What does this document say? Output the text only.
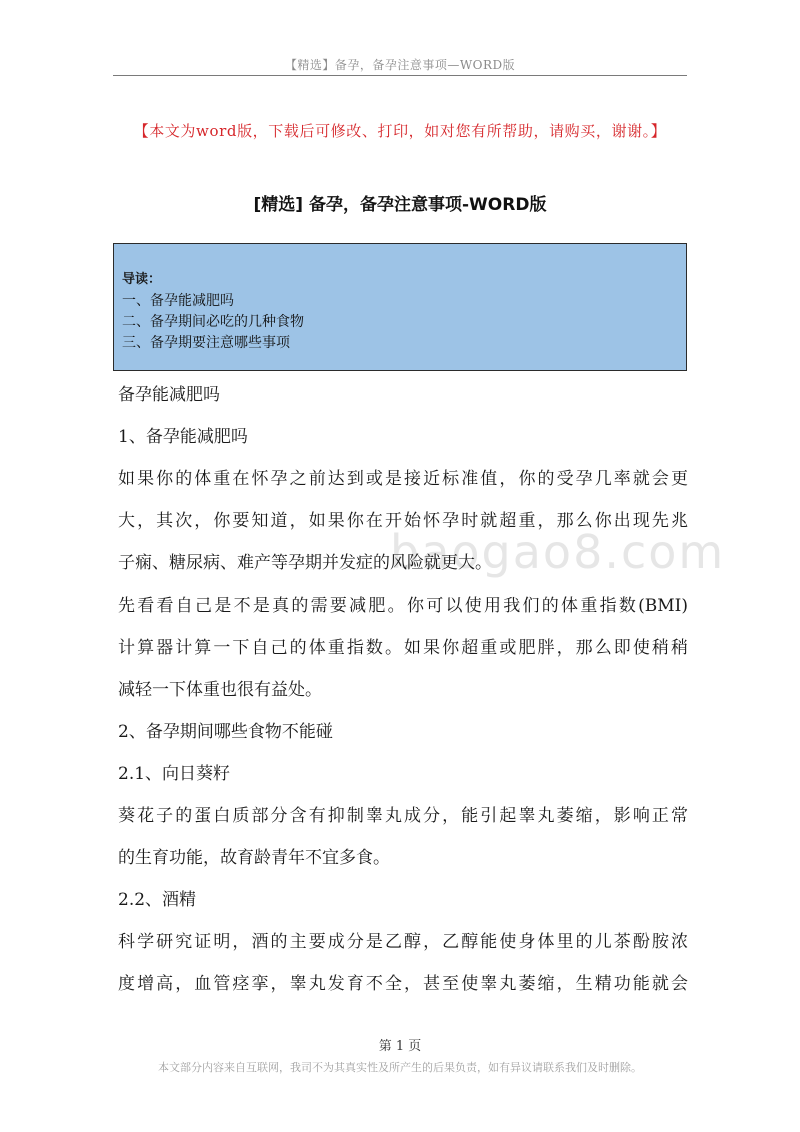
【精选】备孕，备孕注意事项—WORD版
【本文为word版，下载后可修改、打印，如对您有所帮助，请购买，谢谢。】
[精选] 备孕，备孕注意事项-WORD版
导读：
一、备孕能减肥吗
二、备孕期间必吃的几种食物
三、备孕期要注意哪些事项
baogao8.com
备孕能减肥吗
1、备孕能减肥吗
如果你的体重在怀孕之前达到或是接近标准值，你的受孕几率就会更
大，其次，你要知道，如果你在开始怀孕时就超重，那么你出现先兆
子痫、糖尿病、难产等孕期并发症的风险就更大。
先看看自己是不是真的需要减肥。你可以使用我们的体重指数(BMI)
计算器计算一下自己的体重指数。如果你超重或肥胖，那么即使稍稍
减轻一下体重也很有益处。
2、备孕期间哪些食物不能碰
2.1、向日葵籽
葵花子的蛋白质部分含有抑制睾丸成分，能引起睾丸萎缩，影响正常
的生育功能，故育龄青年不宜多食。
2.2、酒精
科学研究证明，酒的主要成分是乙醇，乙醇能使身体里的儿茶酚胺浓
度增高，血管痉挛，睾丸发育不全，甚至使睾丸萎缩，生精功能就会
第 1 页
本文部分内容来自互联网，我司不为其真实性及所产生的后果负责，如有异议请联系我们及时删除。
